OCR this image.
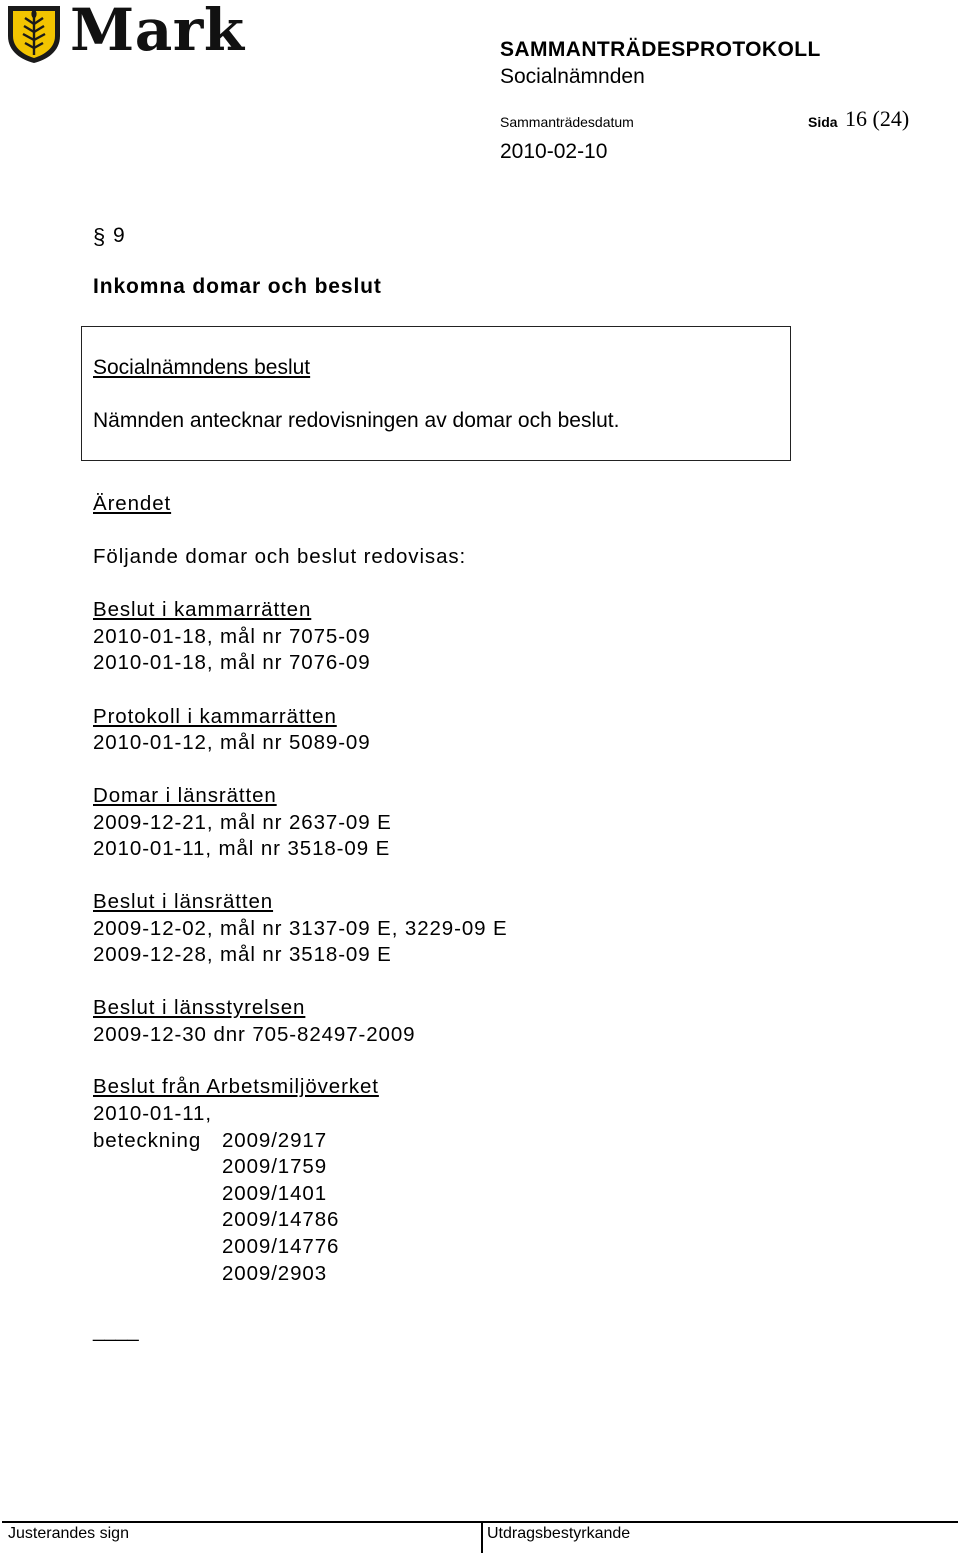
Mark	SAMMANTRÄDESPROTOKOLL
Socialnämnden
Sammanträdesdatum	Sida 16 (24)
2010-02-10
§ 9
Inkomna domar och beslut
Socialnämndens beslut
Nämnden antecknar redovisningen av domar och beslut.
Ärendet
Följande domar och beslut redovisas:
Beslut i kammarrätten
2010-01-18, mål nr 7075-09
2010-01-18, mål nr 7076-09
Protokoll i kammarrätten
2010-01-12, mål nr 5089-09
Domar i länsrätten
2009-12-21, mål nr 2637-09 E
2010-01-11, mål nr 3518-09 E
Beslut i länsrätten
2009-12-02, mål nr 3137-09 E, 3229-09 E
2009-12-28, mål nr 3518-09 E
Beslut i länsstyrelsen
2009-12-30 dnr 705-82497-2009
Beslut från Arbetsmiljöverket
2010-01-11,
beteckning 2009/2917
2009/1759
2009/1401
2009/14786
2009/14776
2009/2903
____
Justerandes sign	Utdragsbestyrkande
